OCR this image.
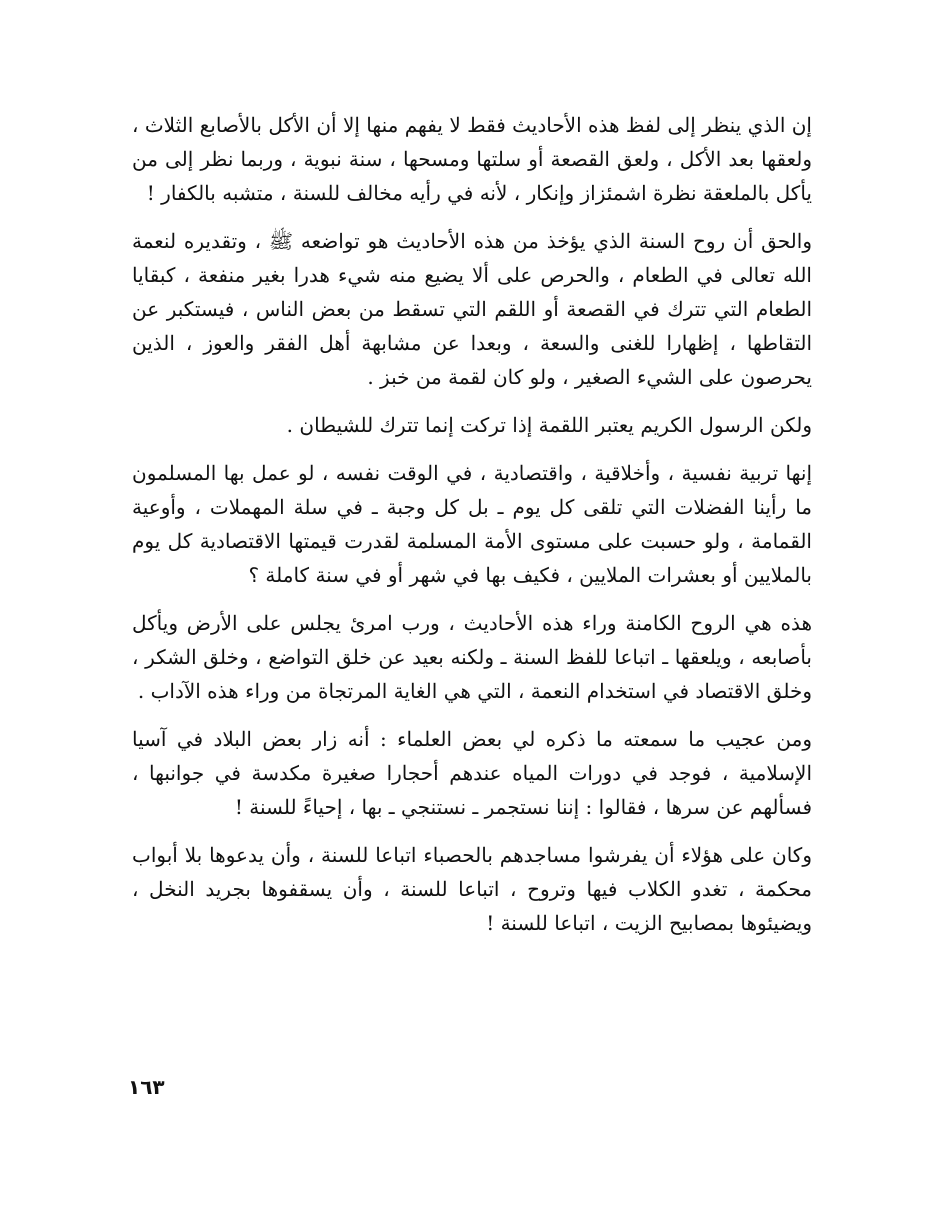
إن الذي ينظر إلى لفظ هذه الأحاديث فقط لا يفهم منها إلا أن الأكل بالأصابع الثلاث ، ولعقها بعد الأكل ، ولعق القصعة أو سلتها ومسحها ، سنة نبوية ، وربما نظر إلى من يأكل بالملعقة نظرة اشمئزاز وإنكار ، لأنه في رأيه مخالف للسنة ، متشبه بالكفار !

والحق أن روح السنة الذي يؤخذ من هذه الأحاديث هو تواضعه ﷺ ، وتقديره لنعمة الله تعالى في الطعام ، والحرص على ألا يضيع منه شيء هدرا بغير منفعة ، كبقايا الطعام التي تترك في القصعة أو اللقم التي تسقط من بعض الناس ، فيستكبر عن التقاطها ، إظهارا للغنى والسعة ، وبعدا عن مشابهة أهل الفقر والعوز ، الذين يحرصون على الشيء الصغير ، ولو كان لقمة من خبز .

ولكن الرسول الكريم يعتبر اللقمة إذا تركت إنما تترك للشيطان .

إنها تربية نفسية ، وأخلاقية ، واقتصادية ، في الوقت نفسه ، لو عمل بها المسلمون ما رأينا الفضلات التي تلقى كل يوم ـ بل كل وجبة ـ في سلة المهملات ، وأوعية القمامة ، ولو حسبت على مستوى الأمة المسلمة لقدرت قيمتها الاقتصادية كل يوم بالملايين أو بعشرات الملايين ، فكيف بها في شهر أو في سنة كاملة ؟

هذه هي الروح الكامنة وراء هذه الأحاديث ، ورب امرئ يجلس على الأرض ويأكل بأصابعه ، ويلعقها ـ اتباعا للفظ السنة ـ ولكنه بعيد عن خلق التواضع ، وخلق الشكر ، وخلق الاقتصاد في استخدام النعمة ، التي هي الغاية المرتجاة من وراء هذه الآداب .

ومن عجيب ما سمعته ما ذكره لي بعض العلماء : أنه زار بعض البلاد في آسيا الإسلامية ، فوجد في دورات المياه عندهم أحجارا صغيرة مكدسة في جوانبها ، فسألهم عن سرها ، فقالوا : إننا نستجمر ـ نستنجي ـ بها ، إحياءً للسنة !

وكان على هؤلاء أن يفرشوا مساجدهم بالحصباء اتباعا للسنة ، وأن يدعوها بلا أبواب محكمة ، تغدو الكلاب فيها وتروح ، اتباعا للسنة ، وأن يسقفوها بجريد النخل ، ويضيئوها بمصابيح الزيت ، اتباعا للسنة !

١٦٣
